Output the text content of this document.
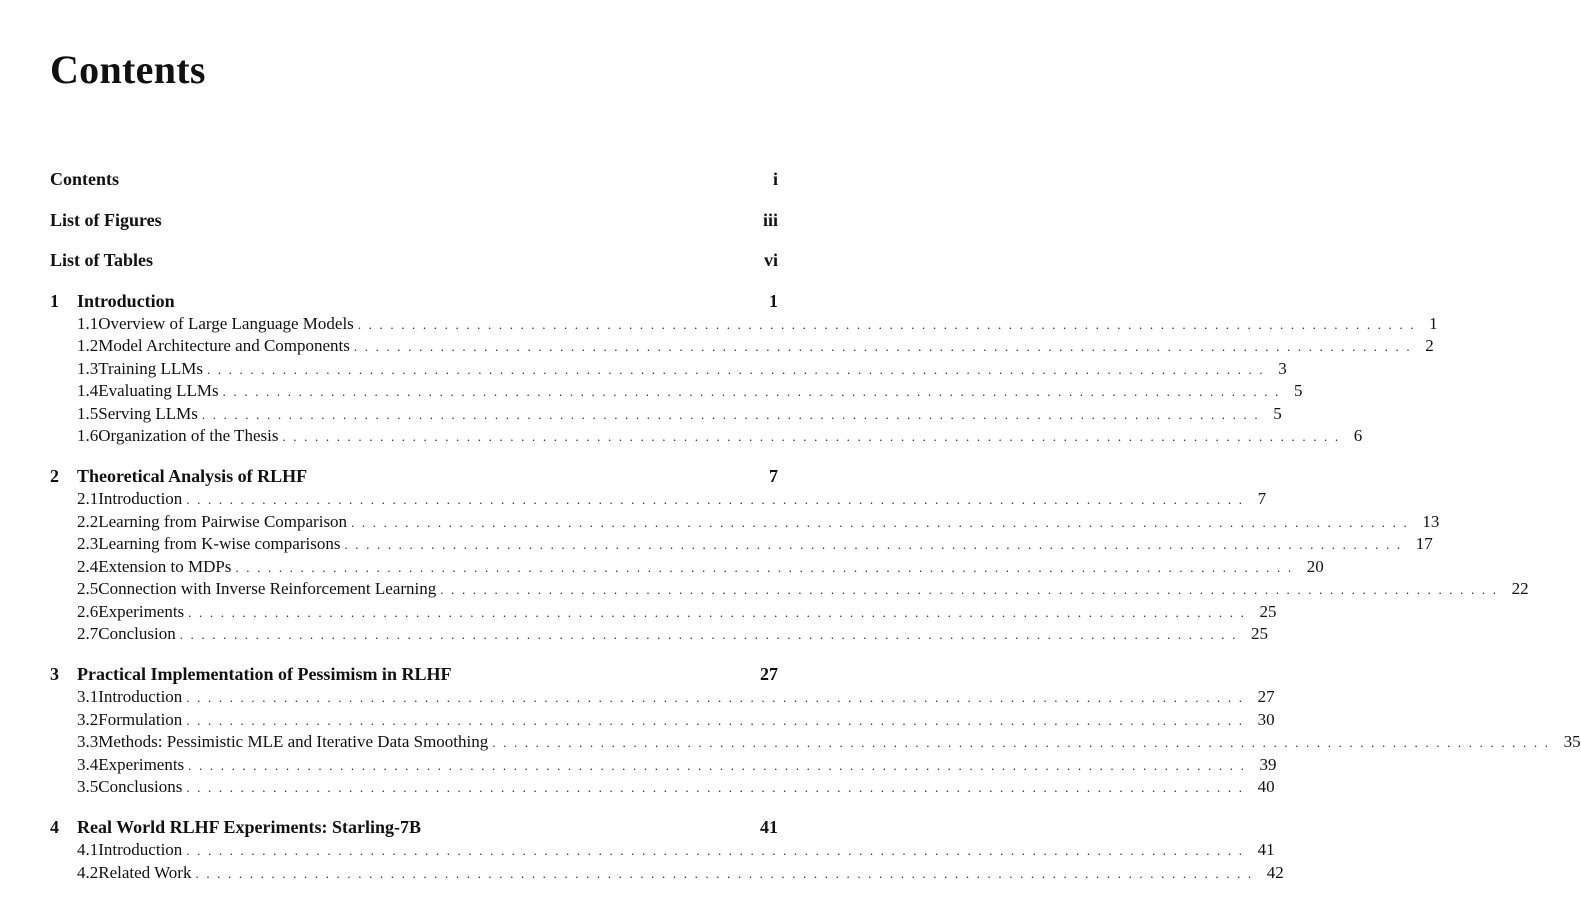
Contents
Contents	i
List of Figures	iii
List of Tables	vi
1	Introduction	1
1.1 Overview of Large Language Models .................................................................................................. 1
1.2 Model Architecture and Components .................................................................................................. 2
1.3 Training LLMs .................................................................................................. 3
1.4 Evaluating LLMs .................................................................................................. 5
1.5 Serving LLMs .................................................................................................. 5
1.6 Organization of the Thesis .................................................................................................. 6
2	Theoretical Analysis of RLHF	7
2.1 Introduction .................................................................................................. 7
2.2 Learning from Pairwise Comparison .................................................................................................. 13
2.3 Learning from K-wise comparisons .................................................................................................. 17
2.4 Extension to MDPs .................................................................................................. 20
2.5 Connection with Inverse Reinforcement Learning .................................................................................................. 22
2.6 Experiments .................................................................................................. 25
2.7 Conclusion .................................................................................................. 25
3	Practical Implementation of Pessimism in RLHF	27
3.1 Introduction .................................................................................................. 27
3.2 Formulation .................................................................................................. 30
3.3 Methods: Pessimistic MLE and Iterative Data Smoothing .................................................................................................. 35
3.4 Experiments .................................................................................................. 39
3.5 Conclusions .................................................................................................. 40
4	Real World RLHF Experiments: Starling-7B	41
4.1 Introduction .................................................................................................. 41
4.2 Related Work .................................................................................................. 42
